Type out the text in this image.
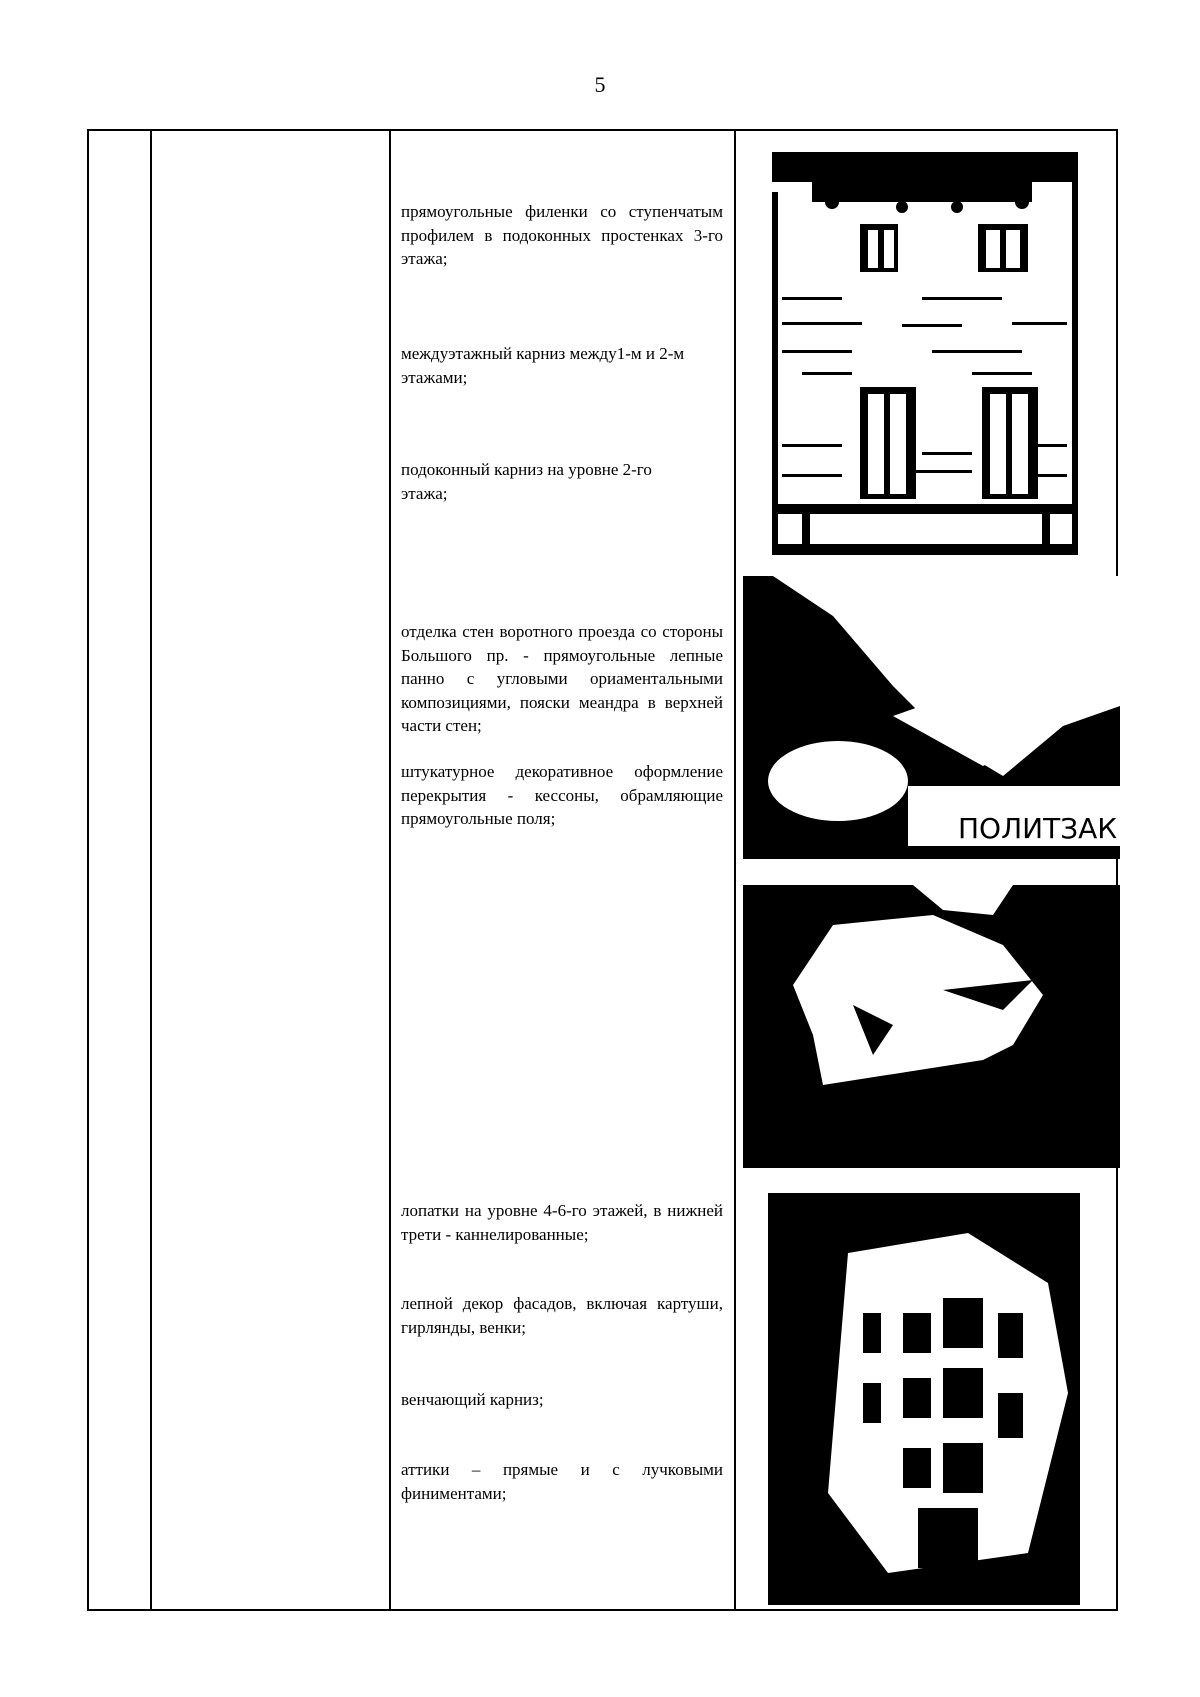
5
прямоугольные филенки со ступенчатым профилем в подоконных простенках 3-го этажа;
междуэтажный карниз между1-м и 2-м этажами;
подоконный карниз на уровне 2-го этажа;
отделка стен воротного проезда со стороны Большого пр. - прямоугольные лепные панно с угловыми ориаментальными композициями, пояски меандра в верхней части стен;
штукатурное декоративное оформление перекрытия - кессоны, обрамляющие прямоугольные поля;
лопатки на уровне 4-6-го этажей, в нижней трети - каннелированные;
лепной декор фасадов, включая картуши, гирлянды, венки;
венчающий карниз;
аттики – прямые и с лучковыми финиментами;
ПОЛИТЗАК
